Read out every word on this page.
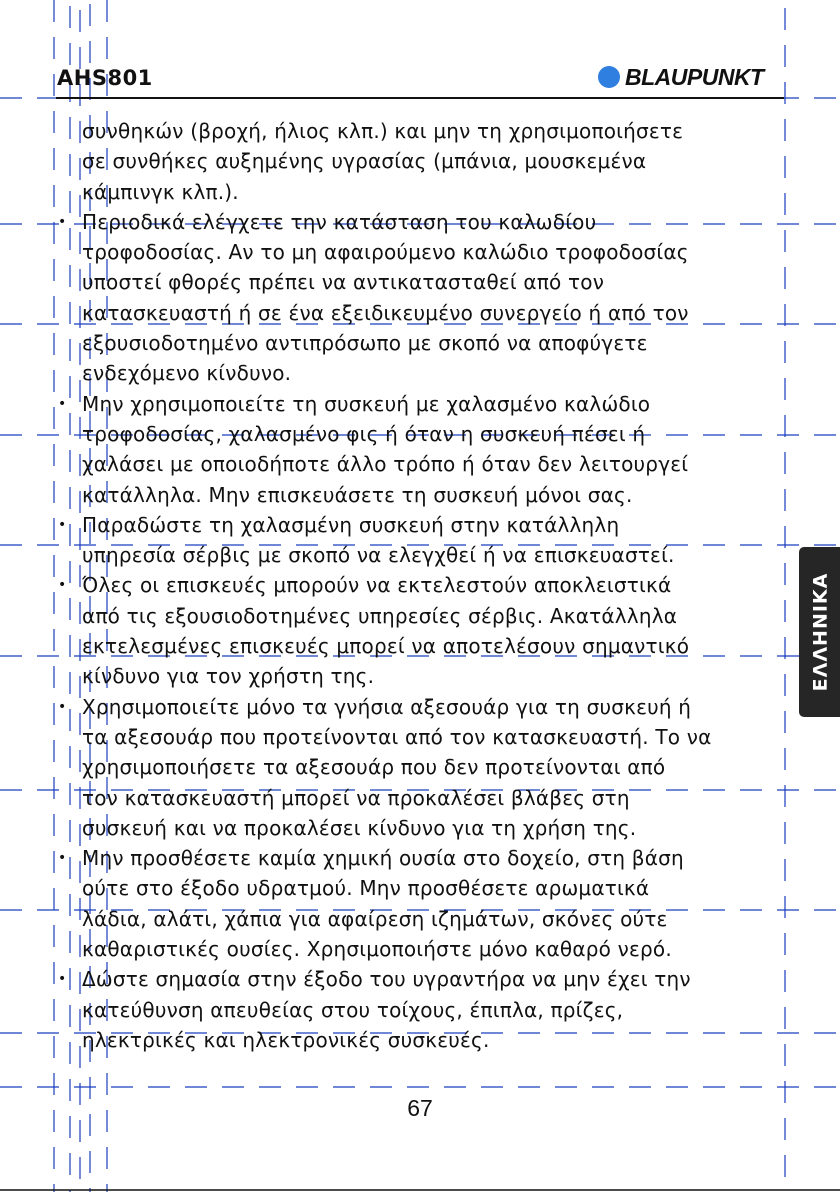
AHS801	BLAUPUNKT
συνθηκών (βροχή, ήλιος κλπ.) και μην τη χρησιμοποιήσετε
σε συνθήκες αυξημένης υγρασίας (μπάνια, μουσκεμένα
κάμπινγκ κλπ.).
• Περιοδικά ελέγχετε την κατάσταση του καλωδίου
τροφοδοσίας. Αν το μη αφαιρούμενο καλώδιο τροφοδοσίας
υποστεί φθορές πρέπει να αντικατασταθεί από τον
κατασκευαστή ή σε ένα εξειδικευμένο συνεργείο ή από τον
εξουσιοδοτημένο αντιπρόσωπο με σκοπό να αποφύγετε
ενδεχόμενο κίνδυνο.
• Μην χρησιμοποιείτε τη συσκευή με χαλασμένο καλώδιο
τροφοδοσίας, χαλασμένο φις ή όταν η συσκευή πέσει ή
χαλάσει με οποιοδήποτε άλλο τρόπο ή όταν δεν λειτουργεί
κατάλληλα. Μην επισκευάσετε τη συσκευή μόνοι σας.
• Παραδώστε τη χαλασμένη συσκευή στην κατάλληλη
υπηρεσία σέρβις με σκοπό να ελεγχθεί ή να επισκευαστεί.
• Όλες οι επισκευές μπορούν να εκτελεστούν αποκλειστικά
από τις εξουσιοδοτημένες υπηρεσίες σέρβις. Ακατάλληλα
εκτελεσμένες επισκευές μπορεί να αποτελέσουν σημαντικό
κίνδυνο για τον χρήστη της.
• Χρησιμοποιείτε μόνο τα γνήσια αξεσουάρ για τη συσκευή ή
τα αξεσουάρ που προτείνονται από τον κατασκευαστή. Το να
χρησιμοποιήσετε τα αξεσουάρ που δεν προτείνονται από
τον κατασκευαστή μπορεί να προκαλέσει βλάβες στη
συσκευή και να προκαλέσει κίνδυνο για τη χρήση της.
• Μην προσθέσετε καμία χημική ουσία στο δοχείο, στη βάση
ούτε στο έξοδο υδρατμού. Μην προσθέσετε αρωματικά
λάδια, αλάτι, χάπια για αφαίρεση ιζημάτων, σκόνες ούτε
καθαριστικές ουσίες. Χρησιμοποιήστε μόνο καθαρό νερό.
• Δώστε σημασία στην έξοδο του υγραντήρα να μην έχει την
κατεύθυνση απευθείας στου τοίχους, έπιπλα, πρίζες,
ηλεκτρικές και ηλεκτρονικές συσκευές.
ΕΛΛΗΝΙΚΑ
67
